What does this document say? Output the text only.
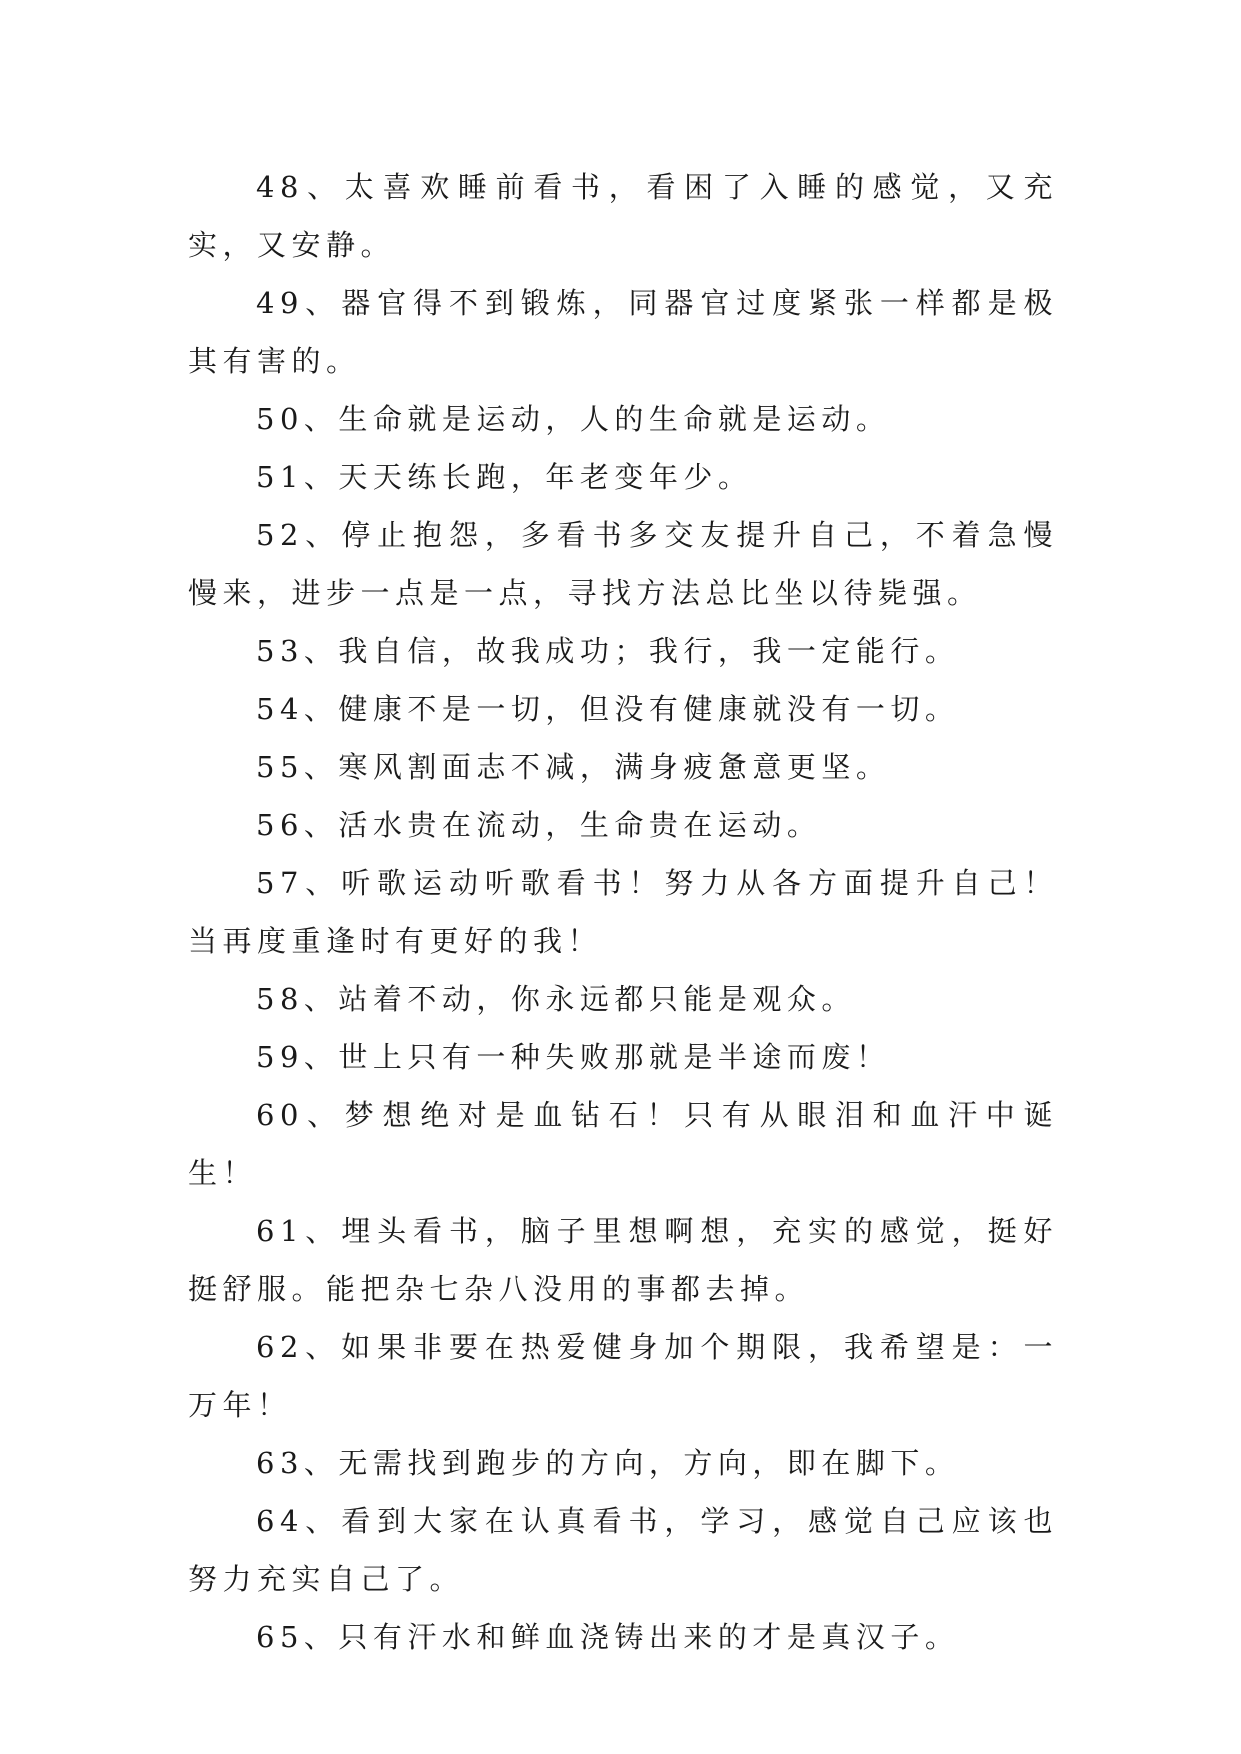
48、太喜欢睡前看书，看困了入睡的感觉，又充实，又安静。

49、器官得不到锻炼，同器官过度紧张一样都是极其有害的。

50、生命就是运动，人的生命就是运动。

51、天天练长跑，年老变年少。

52、停止抱怨，多看书多交友提升自己，不着急慢慢来，进步一点是一点，寻找方法总比坐以待毙强。

53、我自信，故我成功；我行，我一定能行。

54、健康不是一切，但没有健康就没有一切。

55、寒风割面志不减，满身疲惫意更坚。

56、活水贵在流动，生命贵在运动。

57、听歌运动听歌看书！努力从各方面提升自己！当再度重逢时有更好的我！

58、站着不动，你永远都只能是观众。

59、世上只有一种失败那就是半途而废！

60、梦想绝对是血钻石！只有从眼泪和血汗中诞生！

61、埋头看书，脑子里想啊想，充实的感觉，挺好挺舒服。能把杂七杂八没用的事都去掉。

62、如果非要在热爱健身加个期限，我希望是：一万年！

63、无需找到跑步的方向，方向，即在脚下。

64、看到大家在认真看书，学习，感觉自己应该也努力充实自己了。

65、只有汗水和鲜血浇铸出来的才是真汉子。
